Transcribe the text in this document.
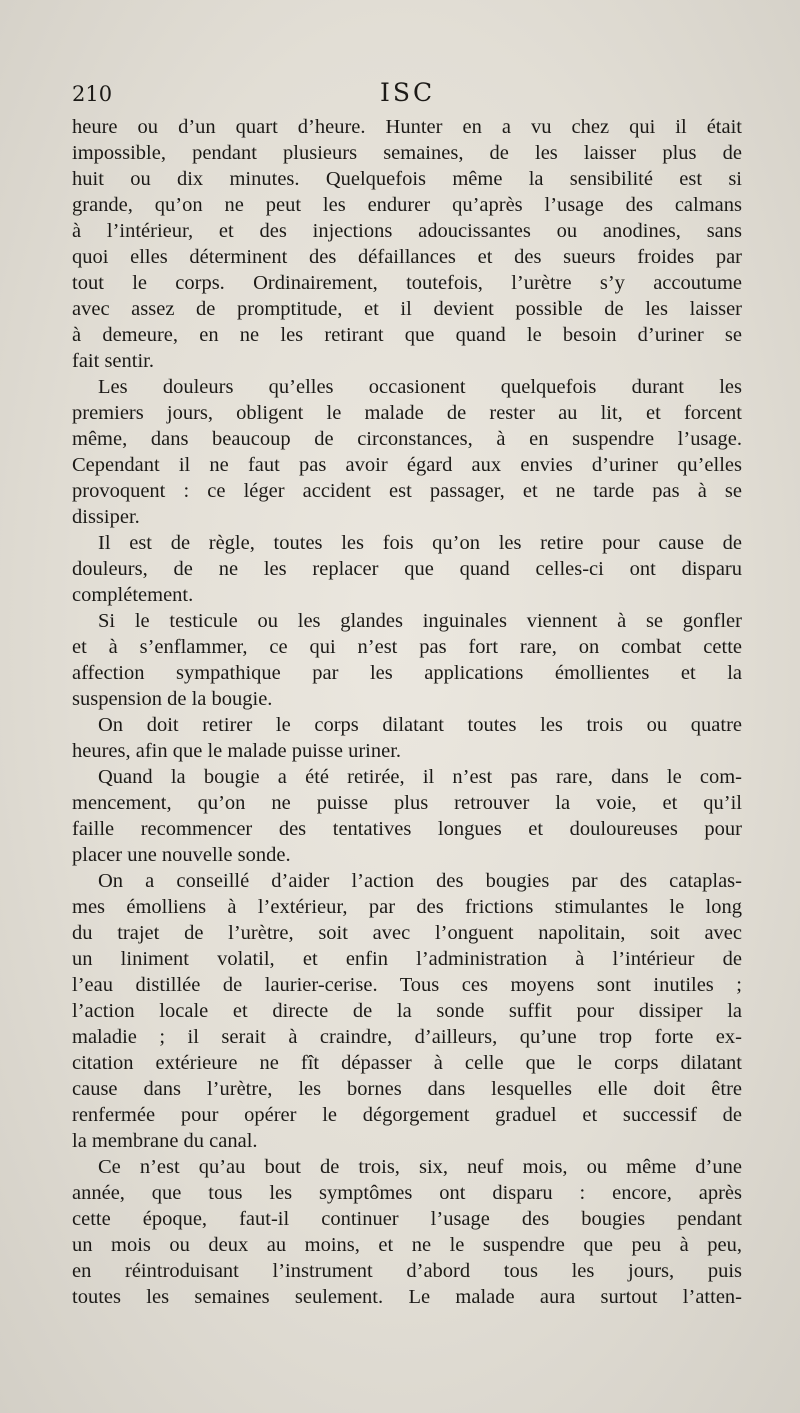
210	ISC
heure ou d’un quart d’heure. Hunter en a vu chez qui il était
impossible, pendant plusieurs semaines, de les laisser plus de
huit ou dix minutes. Quelquefois même la sensibilité est si
grande, qu’on ne peut les endurer qu’après l’usage des calmans
à l’intérieur, et des injections adoucissantes ou anodines, sans
quoi elles déterminent des défaillances et des sueurs froides par
tout le corps. Ordinairement, toutefois, l’urètre s’y accoutume
avec assez de promptitude, et il devient possible de les laisser
à demeure, en ne les retirant que quand le besoin d’uriner se
fait sentir.
Les douleurs qu’elles occasionent quelquefois durant les
premiers jours, obligent le malade de rester au lit, et forcent
même, dans beaucoup de circonstances, à en suspendre l’usage.
Cependant il ne faut pas avoir égard aux envies d’uriner qu’elles
provoquent : ce léger accident est passager, et ne tarde pas à se
dissiper.
Il est de règle, toutes les fois qu’on les retire pour cause de
douleurs, de ne les replacer que quand celles-ci ont disparu
complétement.
Si le testicule ou les glandes inguinales viennent à se gonfler
et à s’enflammer, ce qui n’est pas fort rare, on combat cette
affection sympathique par les applications émollientes et la
suspension de la bougie.
On doit retirer le corps dilatant toutes les trois ou quatre
heures, afin que le malade puisse uriner.
Quand la bougie a été retirée, il n’est pas rare, dans le com-
mencement, qu’on ne puisse plus retrouver la voie, et qu’il
faille recommencer des tentatives longues et douloureuses pour
placer une nouvelle sonde.
On a conseillé d’aider l’action des bougies par des cataplas-
mes émolliens à l’extérieur, par des frictions stimulantes le long
du trajet de l’urètre, soit avec l’onguent napolitain, soit avec
un liniment volatil, et enfin l’administration à l’intérieur de
l’eau distillée de laurier-cerise. Tous ces moyens sont inutiles ;
l’action locale et directe de la sonde suffit pour dissiper la
maladie ; il serait à craindre, d’ailleurs, qu’une trop forte ex-
citation extérieure ne fît dépasser à celle que le corps dilatant
cause dans l’urètre, les bornes dans lesquelles elle doit être
renfermée pour opérer le dégorgement graduel et successif de
la membrane du canal.
Ce n’est qu’au bout de trois, six, neuf mois, ou même d’une
année, que tous les symptômes ont disparu : encore, après
cette époque, faut-il continuer l’usage des bougies pendant
un mois ou deux au moins, et ne le suspendre que peu à peu,
en réintroduisant l’instrument d’abord tous les jours, puis
toutes les semaines seulement. Le malade aura surtout l’atten-
